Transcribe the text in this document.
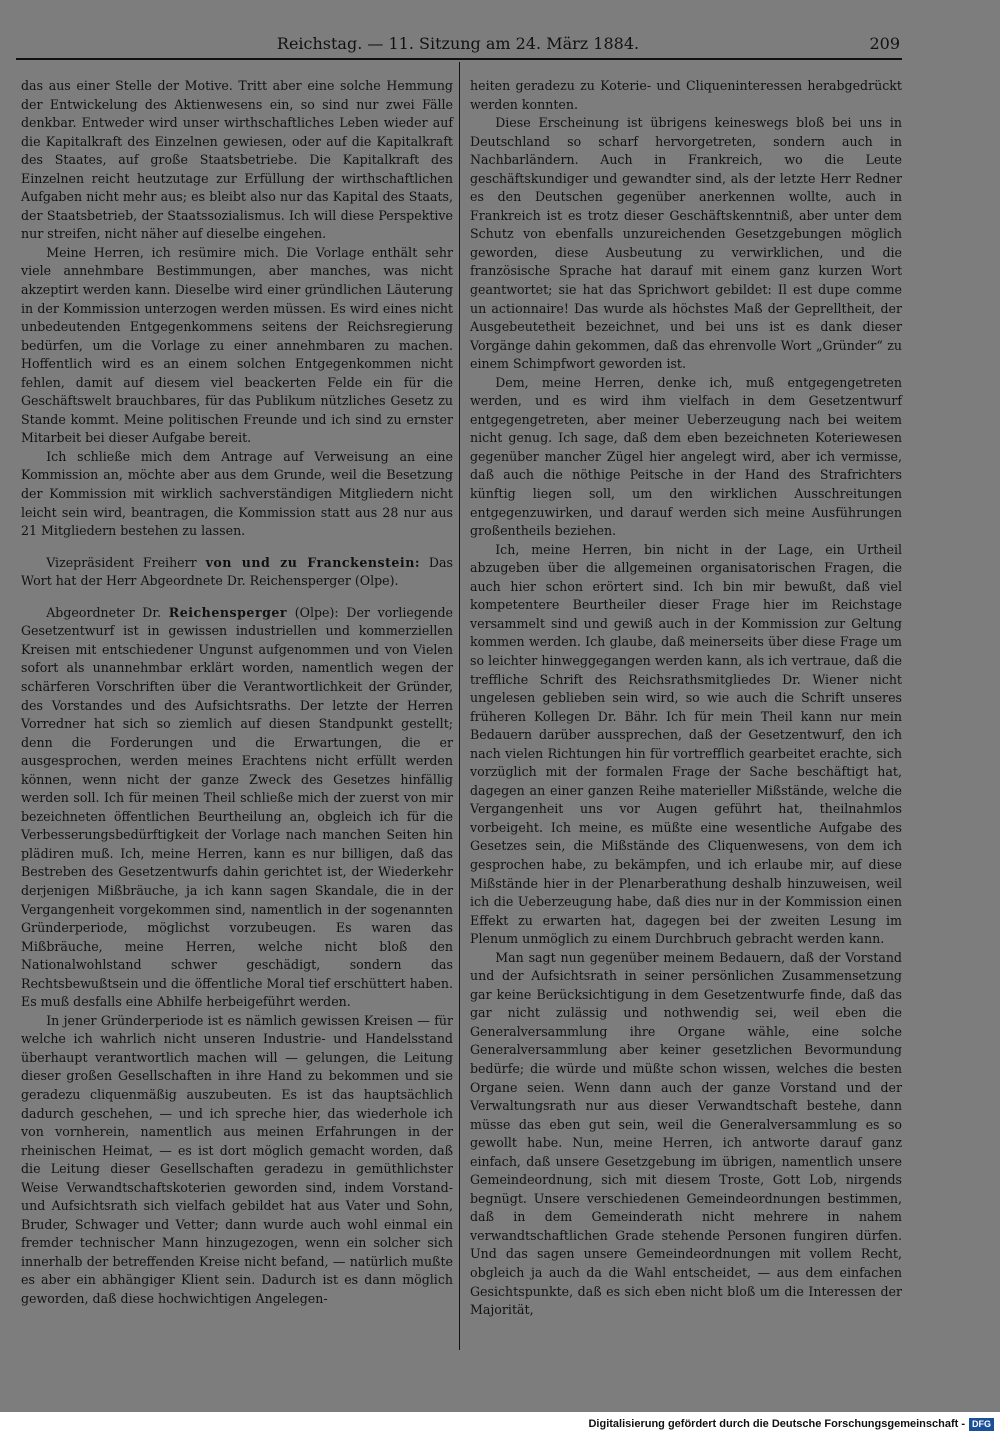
Reichstag. — 11. Sitzung am 24. März 1884.	209

das aus einer Stelle der Motive. Tritt aber eine solche Hemmung der Entwickelung des Aktienwesens ein, so sind nur zwei Fälle denkbar. Entweder wird unser wirthschaftliches Leben wieder auf die Kapitalkraft des Einzelnen gewiesen, oder auf die Kapitalkraft des Staates, auf große Staatsbetriebe. Die Kapitalkraft des Einzelnen reicht heutzutage zur Erfüllung der wirthschaftlichen Aufgaben nicht mehr aus; es bleibt also nur das Kapital des Staats, der Staatsbetrieb, der Staatssozialismus. Ich will diese Perspektive nur streifen, nicht näher auf dieselbe eingehen.

Meine Herren, ich resümire mich. Die Vorlage enthält sehr viele annehmbare Bestimmungen, aber manches, was nicht akzeptirt werden kann. Dieselbe wird einer gründlichen Läuterung in der Kommission unterzogen werden müssen. Es wird eines nicht unbedeutenden Entgegenkommens seitens der Reichsregierung bedürfen, um die Vorlage zu einer annehmbaren zu machen. Hoffentlich wird es an einem solchen Entgegenkommen nicht fehlen, damit auf diesem viel beackerten Felde ein für die Geschäftswelt brauchbares, für das Publikum nützliches Gesetz zu Stande kommt. Meine politischen Freunde und ich sind zu ernster Mitarbeit bei dieser Aufgabe bereit.

Ich schließe mich dem Antrage auf Verweisung an eine Kommission an, möchte aber aus dem Grunde, weil die Besetzung der Kommission mit wirklich sachverständigen Mitgliedern nicht leicht sein wird, beantragen, die Kommission statt aus 28 nur aus 21 Mitgliedern bestehen zu lassen.

Vizepräsident Freiherr von und zu Franckenstein: Das Wort hat der Herr Abgeordnete Dr. Reichensperger (Olpe).

Abgeordneter Dr. Reichensperger (Olpe): Der vorliegende Gesetzentwurf ist in gewissen industriellen und kommerziellen Kreisen mit entschiedener Ungunst aufgenommen und von Vielen sofort als unannehmbar erklärt worden, namentlich wegen der schärferen Vorschriften über die Verantwortlichkeit der Gründer, des Vorstandes und des Aufsichtsraths. Der letzte der Herren Vorredner hat sich so ziemlich auf diesen Standpunkt gestellt; denn die Forderungen und die Erwartungen, die er ausgesprochen, werden meines Erachtens nicht erfüllt werden können, wenn nicht der ganze Zweck des Gesetzes hinfällig werden soll. Ich für meinen Theil schließe mich der zuerst von mir bezeichneten öffentlichen Beurtheilung an, obgleich ich für die Verbesserungsbedürftigkeit der Vorlage nach manchen Seiten hin plädiren muß. Ich, meine Herren, kann es nur billigen, daß das Bestreben des Gesetzentwurfs dahin gerichtet ist, der Wiederkehr derjenigen Mißbräuche, ja ich kann sagen Skandale, die in der Vergangenheit vorgekommen sind, namentlich in der sogenannten Gründerperiode, möglichst vorzubeugen. Es waren das Mißbräuche, meine Herren, welche nicht bloß den Nationalwohlstand schwer geschädigt, sondern das Rechtsbewußtsein und die öffentliche Moral tief erschüttert haben. Es muß desfalls eine Abhilfe herbeigeführt werden.

In jener Gründerperiode ist es nämlich gewissen Kreisen — für welche ich wahrlich nicht unseren Industrie- und Handelsstand überhaupt verantwortlich machen will — gelungen, die Leitung dieser großen Gesellschaften in ihre Hand zu bekommen und sie geradezu cliquenmäßig auszubeuten. Es ist das hauptsächlich dadurch geschehen, — und ich spreche hier, das wiederhole ich von vornherein, namentlich aus meinen Erfahrungen in der rheinischen Heimat, — es ist dort möglich gemacht worden, daß die Leitung dieser Gesellschaften geradezu in gemüthlichster Weise Verwandtschaftskoterien geworden sind, indem Vorstand- und Aufsichtsrath sich vielfach gebildet hat aus Vater und Sohn, Bruder, Schwager und Vetter; dann wurde auch wohl einmal ein fremder technischer Mann hinzugezogen, wenn ein solcher sich innerhalb der betreffenden Kreise nicht befand, — natürlich mußte es aber ein abhängiger Klient sein. Dadurch ist es dann möglich geworden, daß diese hochwichtigen Angelegen-

heiten geradezu zu Koterie- und Cliqueninteressen herabgedrückt werden konnten.

Diese Erscheinung ist übrigens keineswegs bloß bei uns in Deutschland so scharf hervorgetreten, sondern auch in Nachbarländern. Auch in Frankreich, wo die Leute geschäftskundiger und gewandter sind, als der letzte Herr Redner es den Deutschen gegenüber anerkennen wollte, auch in Frankreich ist es trotz dieser Geschäftskenntniß, aber unter dem Schutz von ebenfalls unzureichenden Gesetzgebungen möglich geworden, diese Ausbeutung zu verwirklichen, und die französische Sprache hat darauf mit einem ganz kurzen Wort geantwortet; sie hat das Sprichwort gebildet: Il est dupe comme un actionnaire! Das wurde als höchstes Maß der Geprelltheit, der Ausgebeutetheit bezeichnet, und bei uns ist es dank dieser Vorgänge dahin gekommen, daß das ehrenvolle Wort „Gründer“ zu einem Schimpfwort geworden ist.

Dem, meine Herren, denke ich, muß entgegengetreten werden, und es wird ihm vielfach in dem Gesetzentwurf entgegengetreten, aber meiner Ueberzeugung nach bei weitem nicht genug. Ich sage, daß dem eben bezeichneten Koteriewesen gegenüber mancher Zügel hier angelegt wird, aber ich vermisse, daß auch die nöthige Peitsche in der Hand des Strafrichters künftig liegen soll, um den wirklichen Ausschreitungen entgegenzuwirken, und darauf werden sich meine Ausführungen großentheils beziehen.

Ich, meine Herren, bin nicht in der Lage, ein Urtheil abzugeben über die allgemeinen organisatorischen Fragen, die auch hier schon erörtert sind. Ich bin mir bewußt, daß viel kompetentere Beurtheiler dieser Frage hier im Reichstage versammelt sind und gewiß auch in der Kommission zur Geltung kommen werden. Ich glaube, daß meinerseits über diese Frage um so leichter hinweggegangen werden kann, als ich vertraue, daß die treffliche Schrift des Reichsrathsmitgliedes Dr. Wiener nicht ungelesen geblieben sein wird, so wie auch die Schrift unseres früheren Kollegen Dr. Bähr. Ich für mein Theil kann nur mein Bedauern darüber aussprechen, daß der Gesetzentwurf, den ich nach vielen Richtungen hin für vortrefflich gearbeitet erachte, sich vorzüglich mit der formalen Frage der Sache beschäftigt hat, dagegen an einer ganzen Reihe materieller Mißstände, welche die Vergangenheit uns vor Augen geführt hat, theilnahmlos vorbeigeht. Ich meine, es müßte eine wesentliche Aufgabe des Gesetzes sein, die Mißstände des Cliquenwesens, von dem ich gesprochen habe, zu bekämpfen, und ich erlaube mir, auf diese Mißstände hier in der Plenarberathung deshalb hinzuweisen, weil ich die Ueberzeugung habe, daß dies nur in der Kommission einen Effekt zu erwarten hat, dagegen bei der zweiten Lesung im Plenum unmöglich zu einem Durchbruch gebracht werden kann.

Man sagt nun gegenüber meinem Bedauern, daß der Vorstand und der Aufsichtsrath in seiner persönlichen Zusammensetzung gar keine Berücksichtigung in dem Gesetzentwurfe finde, daß das gar nicht zulässig und nothwendig sei, weil eben die Generalversammlung ihre Organe wähle, eine solche Generalversammlung aber keiner gesetzlichen Bevormundung bedürfe; die würde und müßte schon wissen, welches die besten Organe seien. Wenn dann auch der ganze Vorstand und der Verwaltungsrath nur aus dieser Verwandtschaft bestehe, dann müsse das eben gut sein, weil die Generalversammlung es so gewollt habe. Nun, meine Herren, ich antworte darauf ganz einfach, daß unsere Gesetzgebung im übrigen, namentlich unsere Gemeindeordnung, sich mit diesem Troste, Gott Lob, nirgends begnügt. Unsere verschiedenen Gemeindeordnungen bestimmen, daß in dem Gemeinderath nicht mehrere in nahem verwandtschaftlichen Grade stehende Personen fungiren dürfen. Und das sagen unsere Gemeindeordnungen mit vollem Recht, obgleich ja auch da die Wahl entscheidet, — aus dem einfachen Gesichtspunkte, daß es sich eben nicht bloß um die Interessen der Majorität,

Digitalisierung gefördert durch die Deutsche Forschungsgemeinschaft - DFG
